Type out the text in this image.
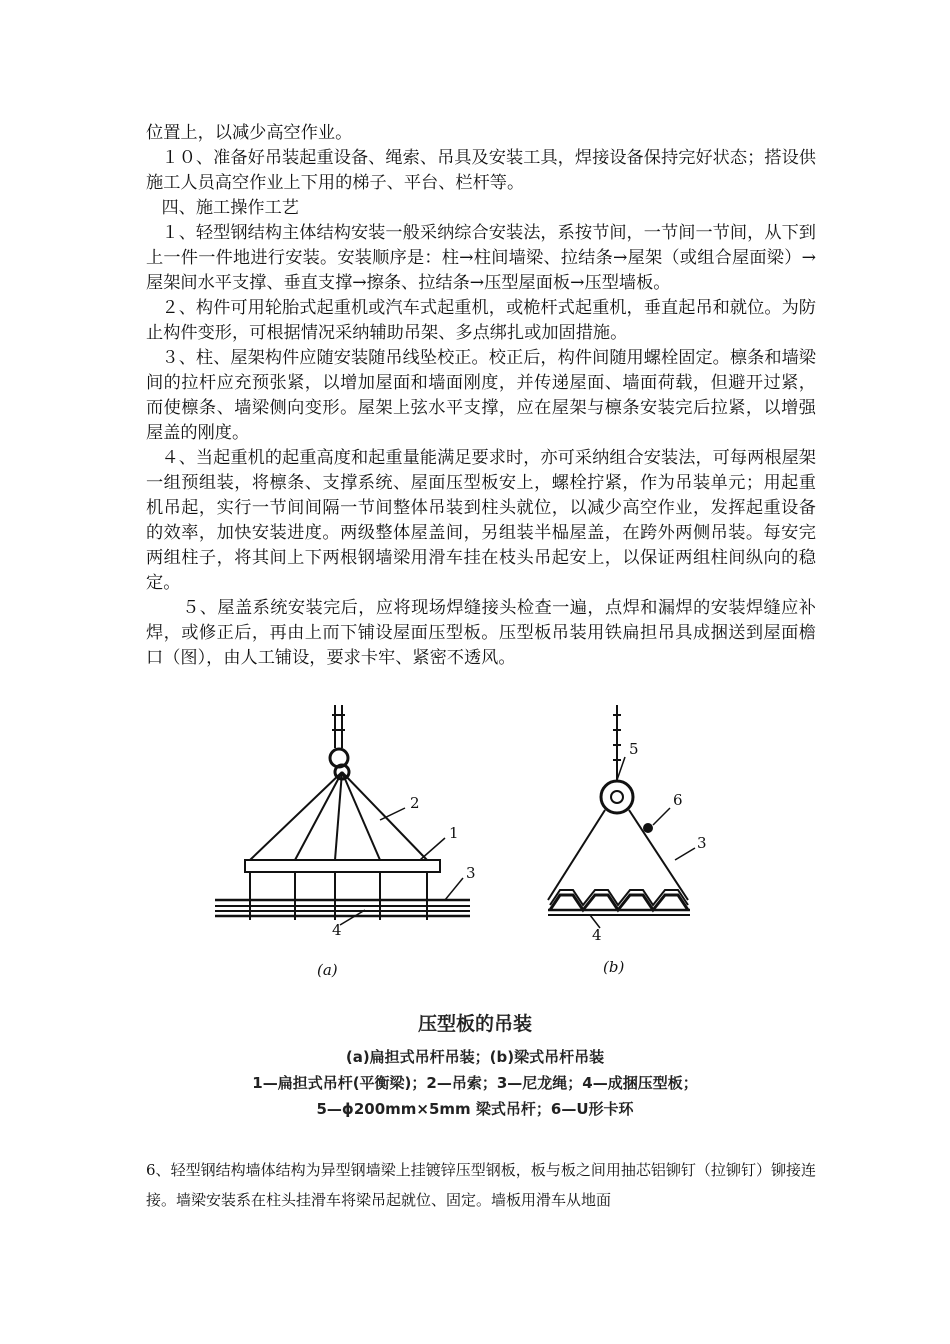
位置上，以减少高空作业。

１０、准备好吊装起重设备、绳索、吊具及安装工具，焊接设备保持完好状态；搭设供施工人员高空作业上下用的梯子、平台、栏杆等。

四、施工操作工艺

１、轻型钢结构主体结构安装一般采纳综合安装法，系按节间，一节间一节间，从下到上一件一件地进行安装。安装顺序是：柱→柱间墙梁、拉结条→屋架（或组合屋面梁）→屋架间水平支撑、垂直支撑→擦条、拉结条→压型屋面板→压型墙板。

２、构件可用轮胎式起重机或汽车式起重机，或桅杆式起重机，垂直起吊和就位。为防止构件变形，可根据情况采纳辅助吊架、多点绑扎或加固措施。

３、柱、屋架构件应随安装随吊线坠校正。校正后，构件间随用螺栓固定。檩条和墙梁间的拉杆应充预张紧，以增加屋面和墙面刚度，并传递屋面、墙面荷载，但避开过紧，而使檩条、墙梁侧向变形。屋架上弦水平支撑，应在屋架与檩条安装完后拉紧，以增强屋盖的刚度。

４、当起重机的起重高度和起重量能满足要求时，亦可采纳组合安装法，可每两根屋架一组预组装，将檩条、支撑系统、屋面压型板安上，螺栓拧紧，作为吊装单元；用起重机吊起，实行一节间间隔一节间整体吊装到柱头就位，以减少高空作业，发挥起重设备的效率，加快安装进度。两级整体屋盖间，另组装半榀屋盖，在跨外两侧吊装。每安完两组柱子，将其间上下两根钢墙梁用滑车挂在枝头吊起安上，以保证两组柱间纵向的稳定。

５、屋盖系统安装完后，应将现场焊缝接头检查一遍，点焊和漏焊的安装焊缝应补焊，或修正后，再由上而下铺设屋面压型板。压型板吊装用铁扁担吊具成捆送到屋面檐口（图），由人工铺设，要求卡牢、紧密不透风。

2
1
3
4
(a)
5
6
3
4
(b)
压型板的吊装
(a)扁担式吊杆吊装；(b)梁式吊杆吊装
1—扁担式吊杆(平衡梁)；2—吊索；3—尼龙绳；4—成捆压型板；
5—ϕ200mm×5mm 梁式吊杆；6—U形卡环

6、轻型钢结构墙体结构为异型钢墙梁上挂镀锌压型钢板，板与板之间用抽芯铝铆钉（拉铆钉）铆接连接。墙梁安装系在柱头挂滑车将梁吊起就位、固定。墙板用滑车从地面
